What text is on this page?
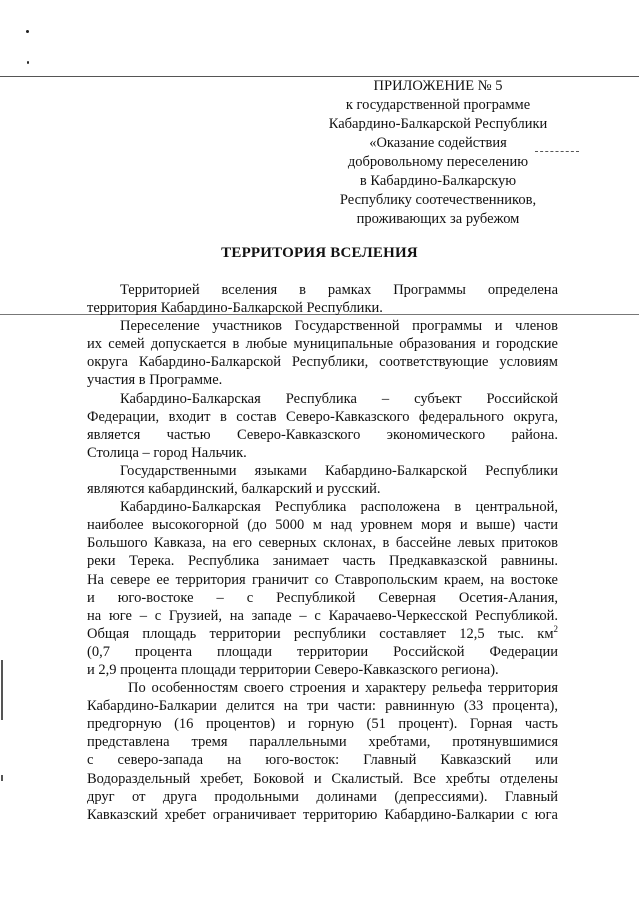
ПРИЛОЖЕНИЕ № 5
к государственной программе
Кабардино-Балкарской Республики
«Оказание содействия
добровольному переселению
в Кабардино-Балкарскую
Республику соотечественников,
проживающих за рубежом
ТЕРРИТОРИЯ ВСЕЛЕНИЯ
Территорией вселения в рамках Программы определена
территория Кабардино-Балкарской Республики.
Переселение участников Государственной программы и членов
их семей допускается в любые муниципальные образования и городские
округа Кабардино-Балкарской Республики, соответствующие условиям
участия в Программе.
Кабардино-Балкарская Республика – субъект Российской
Федерации, входит в состав Северо-Кавказского федерального округа,
является частью Северо-Кавказского экономического района.
Столица – город Нальчик.
Государственными языками Кабардино-Балкарской Республики
являются кабардинский, балкарский и русский.
Кабардино-Балкарская Республика расположена в центральной,
наиболее высокогорной (до 5000 м над уровнем моря и выше) части
Большого Кавказа, на его северных склонах, в бассейне левых притоков
реки Терека. Республика занимает часть Предкавказской равнины.
На севере ее территория граничит со Ставропольским краем, на востоке
и юго-востоке – с Республикой Северная Осетия-Алания,
на юге – с Грузией, на западе – с Карачаево-Черкесской Республикой.
Общая площадь территории республики составляет 12,5 тыс. $км^2$
(0,7 процента площади территории Российской Федерации
и 2,9 процента площади территории Северо-Кавказского региона).
По особенностям своего строения и характеру рельефа территория
Кабардино-Балкарии делится на три части: равнинную (33 процента),
предгорную (16 процентов) и горную (51 процент). Горная часть
представлена тремя параллельными хребтами, протянувшимися
с северо-запада на юго-восток: Главный Кавказский или
Водораздельный хребет, Боковой и Скалистый. Все хребты отделены
друг от друга продольными долинами (депрессиями). Главный
Кавказский хребет ограничивает территорию Кабардино-Балкарии с юга
